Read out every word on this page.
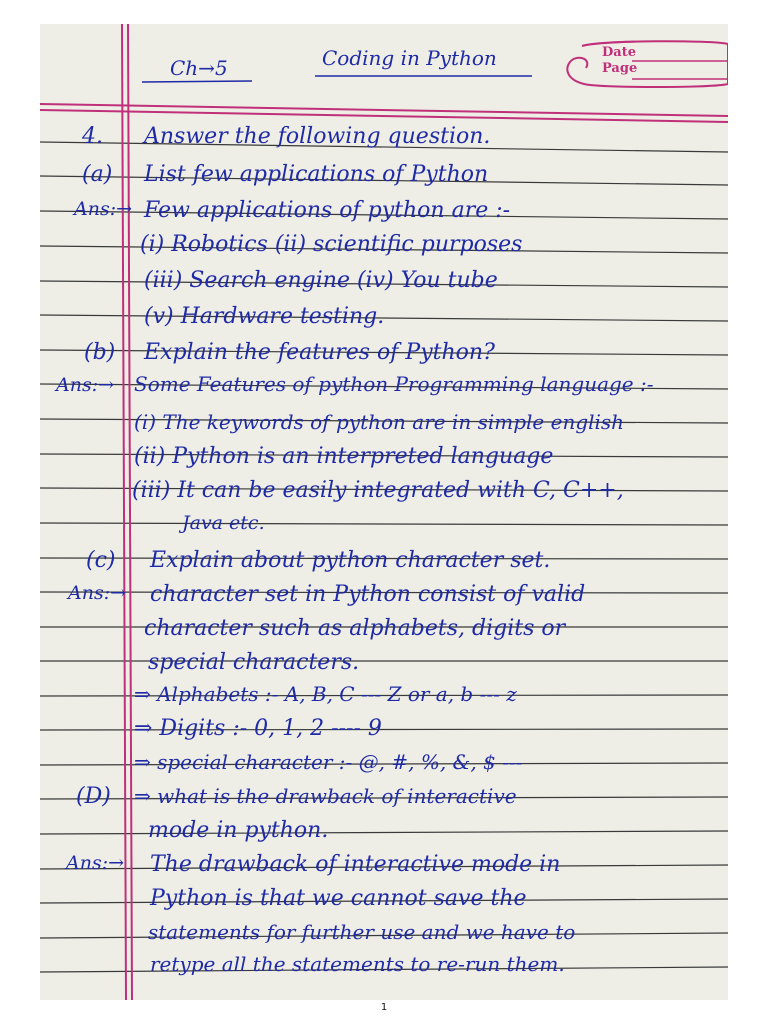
Ch→5	Coding in Python	Date
Page
4. Answer the following question.
(a) List few applications of Python
Ans:→ Few applications of python are :-
(i) Robotics (ii) scientific purposes
(iii) Search engine (iv) You tube
(v) Hardware testing.
(b) Explain the features of Python?
Ans:→ Some Features of python Programming language :-
(i) The keywords of python are in simple english
(ii) Python is an interpreted language
(iii) It can be easily integrated with C, C++,
Java etc.
(c) Explain about python character set.
Ans:→ character set in Python consist of valid
character such as alphabets, digits or
special characters.
⇒ Alphabets :- A, B, C --- Z or a, b --- z
⇒ Digits :- 0, 1, 2 ---- 9
⇒ special character :- @, #, %, &, $ ---
(D) ⇒ what is the drawback of interactive
mode in python.
Ans:→ The drawback of interactive mode in
Python is that we cannot save the
statements for further use and we have to
retype all the statements to re-run them.
1
